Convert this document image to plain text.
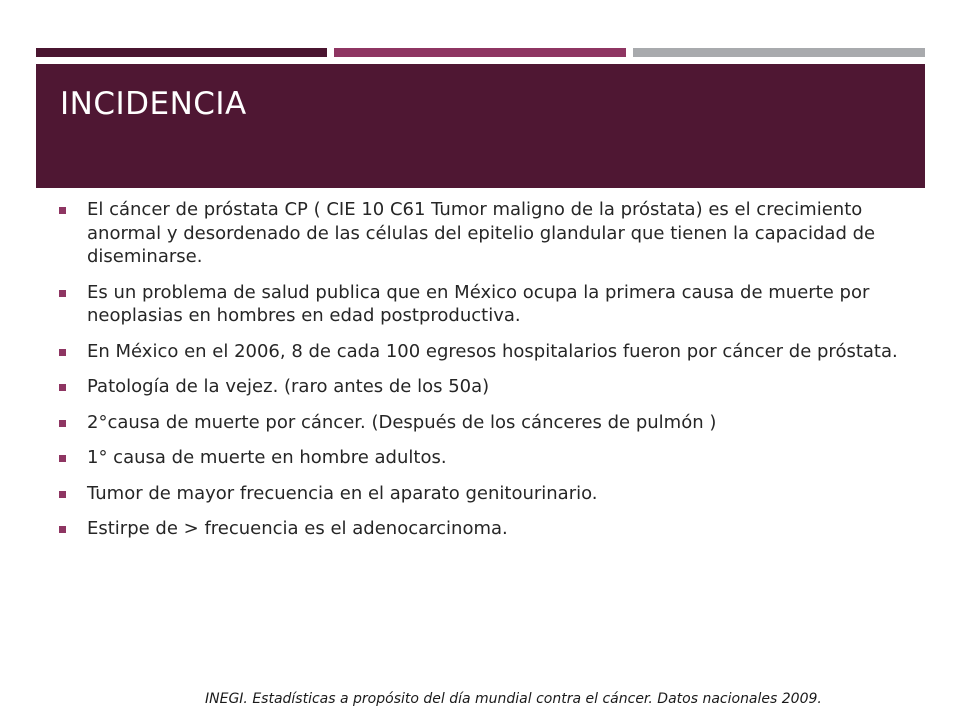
INCIDENCIA
El cáncer de próstata CP ( CIE 10 C61 Tumor maligno de la próstata) es el crecimiento anormal y desordenado de las células del epitelio glandular que tienen la capacidad de diseminarse.
Es un problema de salud publica que en México ocupa la primera causa de muerte por neoplasias en hombres en edad postproductiva.
En México en el 2006, 8 de cada 100 egresos hospitalarios fueron por cáncer de próstata.
Patología de la vejez. (raro antes de los 50a)
2°causa de muerte por cáncer. (Después de los cánceres de pulmón )
1° causa de muerte en hombre adultos.
Tumor de mayor frecuencia en el aparato genitourinario.
Estirpe de > frecuencia es el adenocarcinoma.
INEGI. Estadísticas a propósito del día mundial contra el cáncer. Datos nacionales 2009.
